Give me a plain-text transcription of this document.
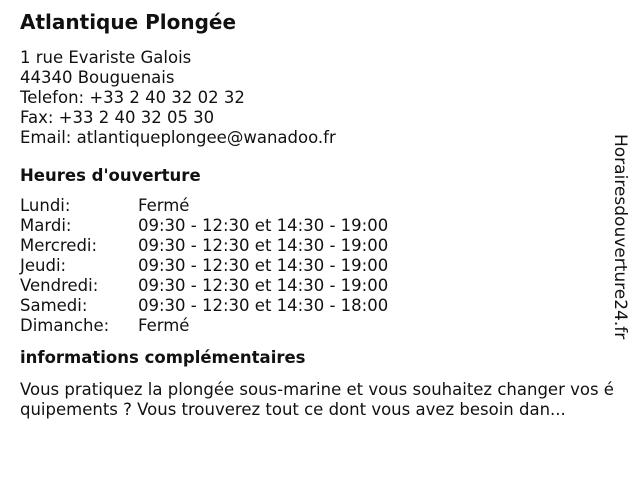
Atlantique Plongée
1 rue Evariste Galois
44340 Bouguenais
Telefon: +33 2 40 32 02 32
Fax: +33 2 40 32 05 30
Email: atlantiqueplongee@wanadoo.fr
Heures d'ouverture
Lundi:	Fermé
Mardi:	09:30 - 12:30 et 14:30 - 19:00
Mercredi: 09:30 - 12:30 et 14:30 - 19:00
Jeudi:	09:30 - 12:30 et 14:30 - 19:00
Vendredi: 09:30 - 12:30 et 14:30 - 19:00
Samedi:	09:30 - 12:30 et 14:30 - 18:00
Dimanche: Fermé
informations complémentaires
Vous pratiquez la plongée sous-marine et vous souhaitez changer vos équipements ? Vous trouverez tout ce dont vous avez besoin dan...
Horairesdouverture24.fr
